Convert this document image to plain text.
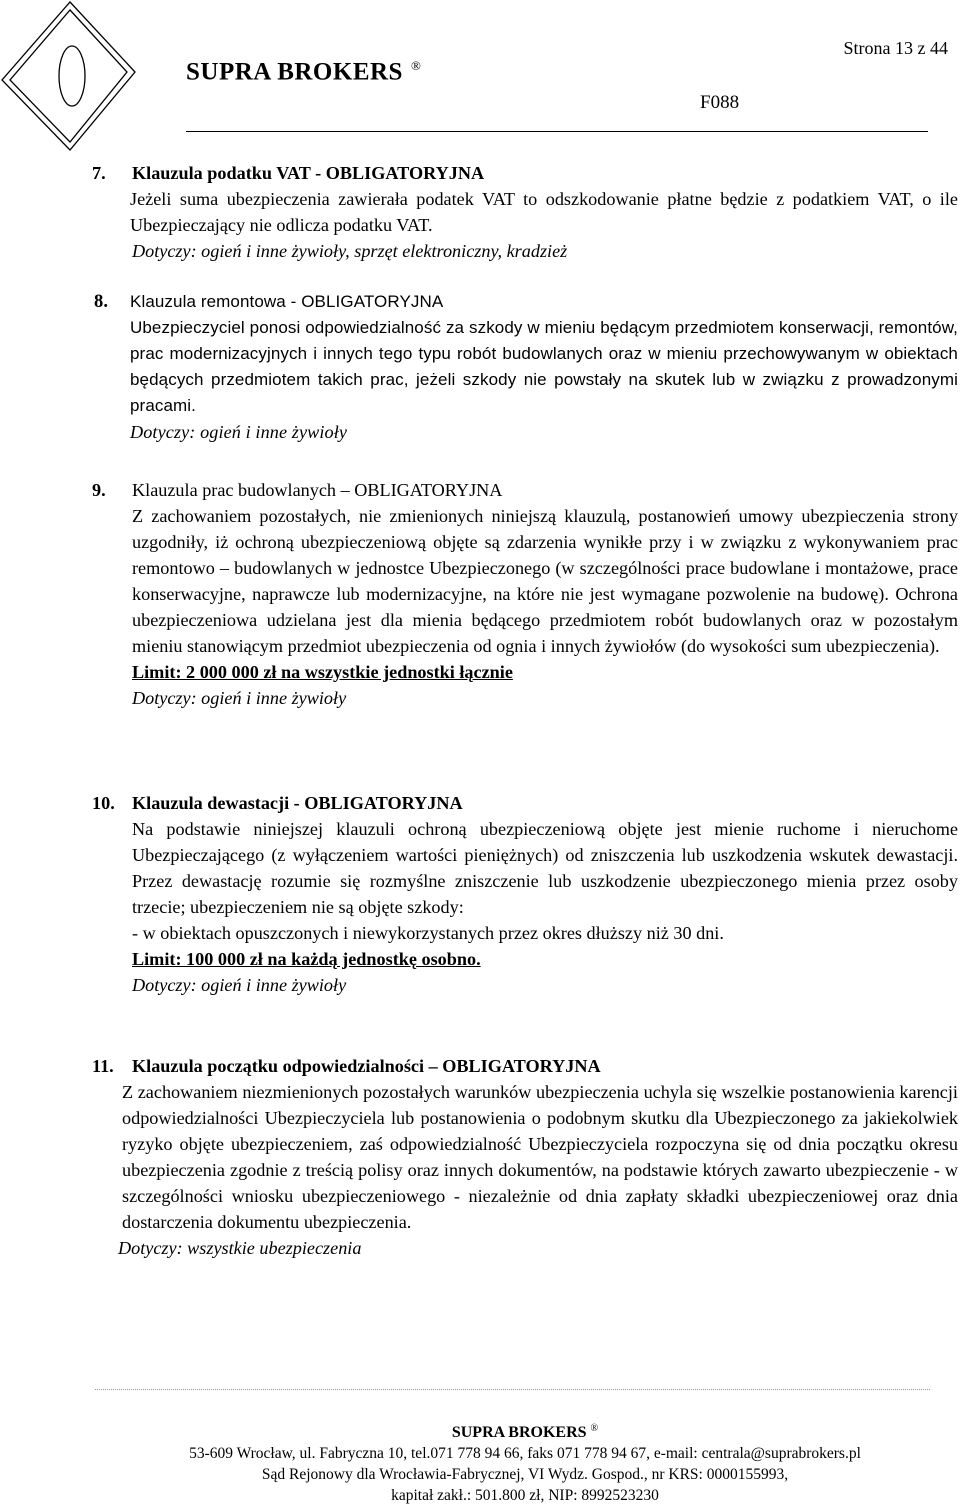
SUPRA BROKERS ®
Strona 13 z 44
F088
7.	Klauzula podatku VAT - OBLIGATORYJNA
Jeżeli suma ubezpieczenia zawierała podatek VAT to odszkodowanie płatne będzie z podatkiem VAT, o ile Ubezpieczający nie odlicza podatku VAT.
Dotyczy: ogień i inne żywioły, sprzęt elektroniczny, kradzież
8.	Klauzula remontowa - OBLIGATORYJNA
Ubezpieczyciel ponosi odpowiedzialność za szkody w mieniu będącym przedmiotem konserwacji, remontów, prac modernizacyjnych i innych tego typu robót budowlanych oraz w mieniu przechowywanym w obiektach będących przedmiotem takich prac, jeżeli szkody nie powstały na skutek lub w związku z prowadzonymi pracami.
Dotyczy: ogień i inne żywioły
9.	Klauzula prac budowlanych – OBLIGATORYJNA
Z zachowaniem pozostałych, nie zmienionych niniejszą klauzulą, postanowień umowy ubezpieczenia strony uzgodniły, iż ochroną ubezpieczeniową objęte są zdarzenia wynikłe przy i w związku z wykonywaniem prac remontowo – budowlanych w jednostce Ubezpieczonego (w szczególności prace budowlane i montażowe, prace konserwacyjne, naprawcze lub modernizacyjne, na które nie jest wymagane pozwolenie na budowę). Ochrona ubezpieczeniowa udzielana jest dla mienia będącego przedmiotem robót budowlanych oraz w pozostałym mieniu stanowiącym przedmiot ubezpieczenia od ognia i innych żywiołów (do wysokości sum ubezpieczenia).
Limit: 2 000 000 zł na wszystkie jednostki łącznie
Dotyczy: ogień i inne żywioły
10. Klauzula dewastacji - OBLIGATORYJNA
Na podstawie niniejszej klauzuli ochroną ubezpieczeniową objęte jest mienie ruchome i nieruchome Ubezpieczającego (z wyłączeniem wartości pieniężnych) od zniszczenia lub uszkodzenia wskutek dewastacji. Przez dewastację rozumie się rozmyślne zniszczenie lub uszkodzenie ubezpieczonego mienia przez osoby trzecie; ubezpieczeniem nie są objęte szkody:
- w obiektach opuszczonych i niewykorzystanych przez okres dłuższy niż 30 dni.
Limit: 100 000 zł na każdą jednostkę osobno.
Dotyczy: ogień i inne żywioły
11.	Klauzula początku odpowiedzialności – OBLIGATORYJNA
Z zachowaniem niezmienionych pozostałych warunków ubezpieczenia uchyla się wszelkie postanowienia karencji odpowiedzialności Ubezpieczyciela lub postanowienia o podobnym skutku dla Ubezpieczonego za jakiekolwiek ryzyko objęte ubezpieczeniem, zaś odpowiedzialność Ubezpieczyciela rozpoczyna się od dnia początku okresu ubezpieczenia zgodnie z treścią polisy oraz innych dokumentów, na podstawie których zawarto ubezpieczenie - w szczególności wniosku ubezpieczeniowego - niezależnie od dnia zapłaty składki ubezpieczeniowej oraz dnia dostarczenia dokumentu ubezpieczenia.
Dotyczy: wszystkie ubezpieczenia
SUPRA BROKERS ®
53-609 Wrocław, ul. Fabryczna 10, tel.071 778 94 66, faks 071 778 94 67, e-mail: centrala@suprabrokers.pl
Sąd Rejonowy dla Wrocławia-Fabrycznej, VI Wydz. Gospod., nr KRS: 0000155993,
kapitał zakł.: 501.800 zł, NIP: 8992523230
